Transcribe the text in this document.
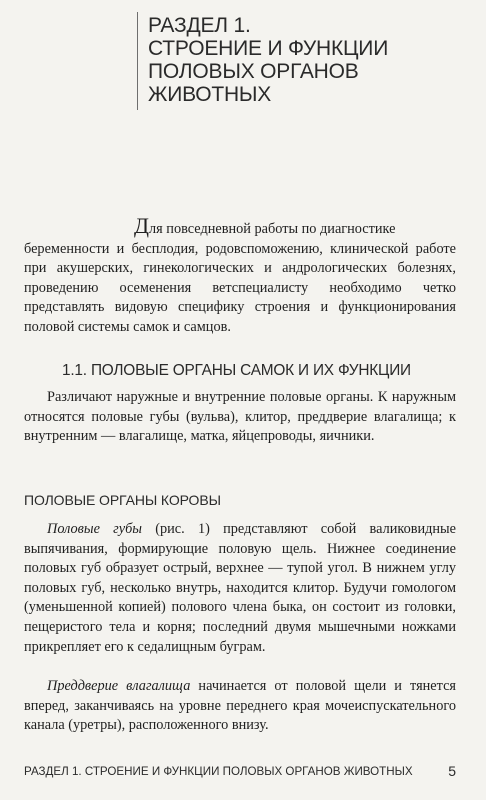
РАЗДЕЛ 1.
СТРОЕНИЕ И ФУНКЦИИ
ПОЛОВЫХ ОРГАНОВ
ЖИВОТНЫХ

Для повседневной работы по диагностике
беременности и бесплодия, родовспоможению, клинической работе при акушерских, гинекологических и андрологических болезнях, проведению осеменения ветспециалисту необходимо четко представлять видовую специфику строения и функционирования половой системы самок и самцов.

1.1. ПОЛОВЫЕ ОРГАНЫ САМОК И ИХ ФУНКЦИИ

Различают наружные и внутренние половые органы. К наружным относятся половые губы (вульва), клитор, преддверие влагалища; к внутренним — влагалище, матка, яйцепроводы, яичники.

ПОЛОВЫЕ ОРГАНЫ КОРОВЫ

Половые губы (рис. 1) представляют собой валиковидные выпячивания, формирующие половую щель. Нижнее соединение половых губ образует острый, верхнее — тупой угол. В нижнем углу половых губ, несколько внутрь, находится клитор. Будучи гомологом (уменьшенной копией) полового члена быка, он состоит из головки, пещеристого тела и корня; последний двумя мышечными ножками прикрепляет его к седалищным буграм.

Преддверие влагалища начинается от половой щели и тянется вперед, заканчиваясь на уровне переднего края мочеиспускательного канала (уретры), расположенного внизу.

РАЗДЕЛ 1. СТРОЕНИЕ И ФУНКЦИИ ПОЛОВЫХ ОРГАНОВ ЖИВОТНЫХ	5
